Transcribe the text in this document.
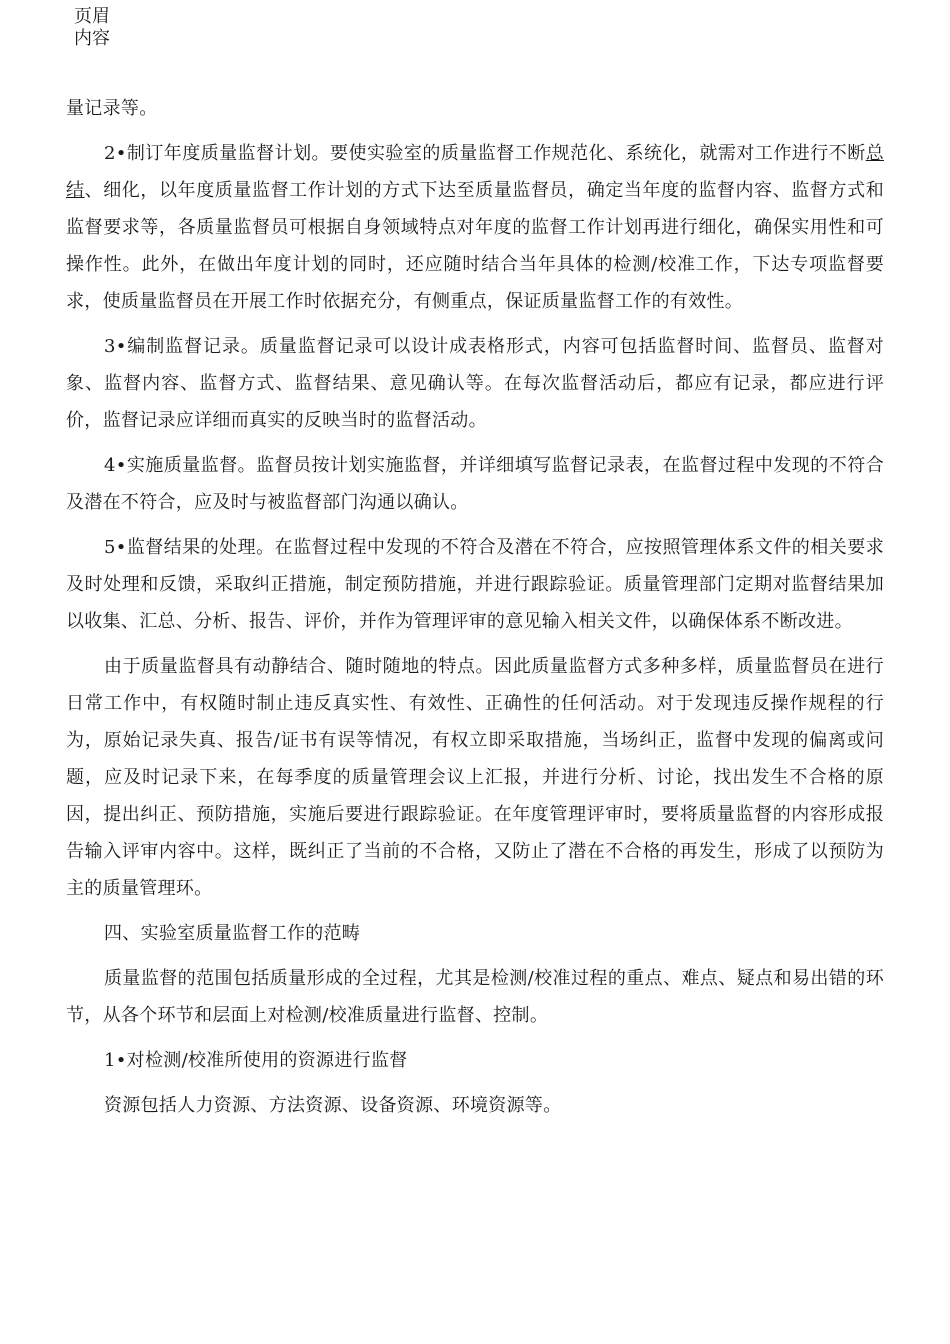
页眉
内容

量记录等。

2•制订年度质量监督计划。要使实验室的质量监督工作规范化、系统化，就需对工作进行不断总结、细化，以年度质量监督工作计划的方式下达至质量监督员，确定当年度的监督内容、监督方式和监督要求等，各质量监督员可根据自身领域特点对年度的监督工作计划再进行细化，确保实用性和可操作性。此外，在做出年度计划的同时，还应随时结合当年具体的检测/校准工作，下达专项监督要求，使质量监督员在开展工作时依据充分，有侧重点，保证质量监督工作的有效性。

3•编制监督记录。质量监督记录可以设计成表格形式，内容可包括监督时间、监督员、监督对象、监督内容、监督方式、监督结果、意见确认等。在每次监督活动后，都应有记录，都应进行评价，监督记录应详细而真实的反映当时的监督活动。

4•实施质量监督。监督员按计划实施监督，并详细填写监督记录表，在监督过程中发现的不符合及潜在不符合，应及时与被监督部门沟通以确认。

5•监督结果的处理。在监督过程中发现的不符合及潜在不符合，应按照管理体系文件的相关要求及时处理和反馈，采取纠正措施，制定预防措施，并进行跟踪验证。质量管理部门定期对监督结果加以收集、汇总、分析、报告、评价，并作为管理评审的意见输入相关文件，以确保体系不断改进。

由于质量监督具有动静结合、随时随地的特点。因此质量监督方式多种多样，质量监督员在进行日常工作中，有权随时制止违反真实性、有效性、正确性的任何活动。对于发现违反操作规程的行为，原始记录失真、报告/证书有误等情况，有权立即采取措施，当场纠正，监督中发现的偏离或问题，应及时记录下来，在每季度的质量管理会议上汇报，并进行分析、讨论，找出发生不合格的原因，提出纠正、预防措施，实施后要进行跟踪验证。在年度管理评审时，要将质量监督的内容形成报告输入评审内容中。这样，既纠正了当前的不合格，又防止了潜在不合格的再发生，形成了以预防为主的质量管理环。

四、实验室质量监督工作的范畴

质量监督的范围包括质量形成的全过程，尤其是检测/校准过程的重点、难点、疑点和易出错的环节，从各个环节和层面上对检测/校准质量进行监督、控制。

1•对检测/校准所使用的资源进行监督

资源包括人力资源、方法资源、设备资源、环境资源等。
